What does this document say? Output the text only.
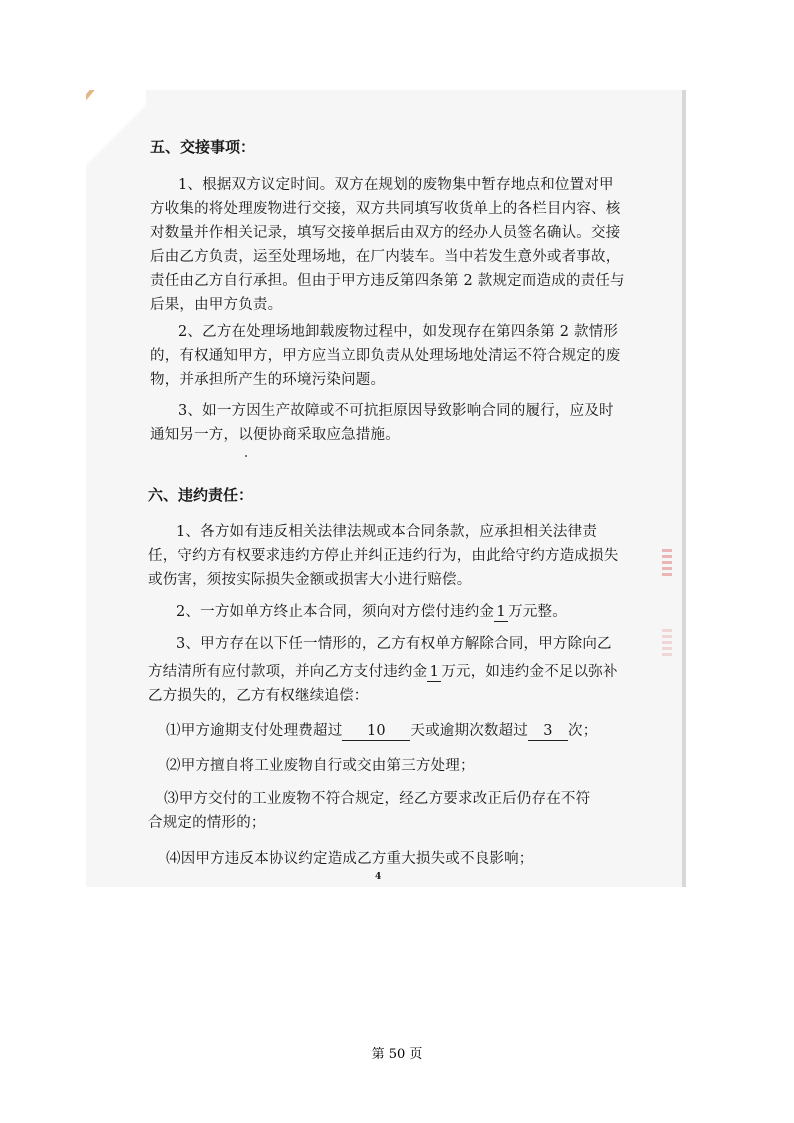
五、交接事项：
1、根据双方议定时间。双方在规划的废物集中暂存地点和位置对甲
方收集的将处理废物进行交接，双方共同填写收货单上的各栏目内容、核
对数量并作相关记录，填写交接单据后由双方的经办人员签名确认。交接
后由乙方负责，运至处理场地，在厂内装车。当中若发生意外或者事故，
责任由乙方自行承担。但由于甲方违反第四条第 2 款规定而造成的责任与
后果，由甲方负责。
2、乙方在处理场地卸载废物过程中，如发现存在第四条第 2 款情形
的，有权通知甲方，甲方应当立即负责从处理场地处清运不符合规定的废
物，并承担所产生的环境污染问题。
3、如一方因生产故障或不可抗拒原因导致影响合同的履行，应及时
通知另一方，以便协商采取应急措施。
六、违约责任：
1、各方如有违反相关法律法规或本合同条款，应承担相关法律责
任，守约方有权要求违约方停止并纠正违约行为，由此给守约方造成损失
或伤害，须按实际损失金额或损害大小进行赔偿。
2、一方如单方终止本合同，须向对方偿付违约金 1 万元整。
3、甲方存在以下任一情形的，乙方有权单方解除合同，甲方除向乙
方结清所有应付款项，并向乙方支付违约金 1 万元，如违约金不足以弥补
乙方损失的，乙方有权继续追偿：
⑴甲方逾期支付处理费超过 10 天或逾期次数超过 3 次；
⑵甲方擅自将工业废物自行或交由第三方处理；
⑶甲方交付的工业废物不符合规定，经乙方要求改正后仍存在不符
合规定的情形的；
⑷因甲方违反本协议约定造成乙方重大损失或不良影响；
4
第 50 页
